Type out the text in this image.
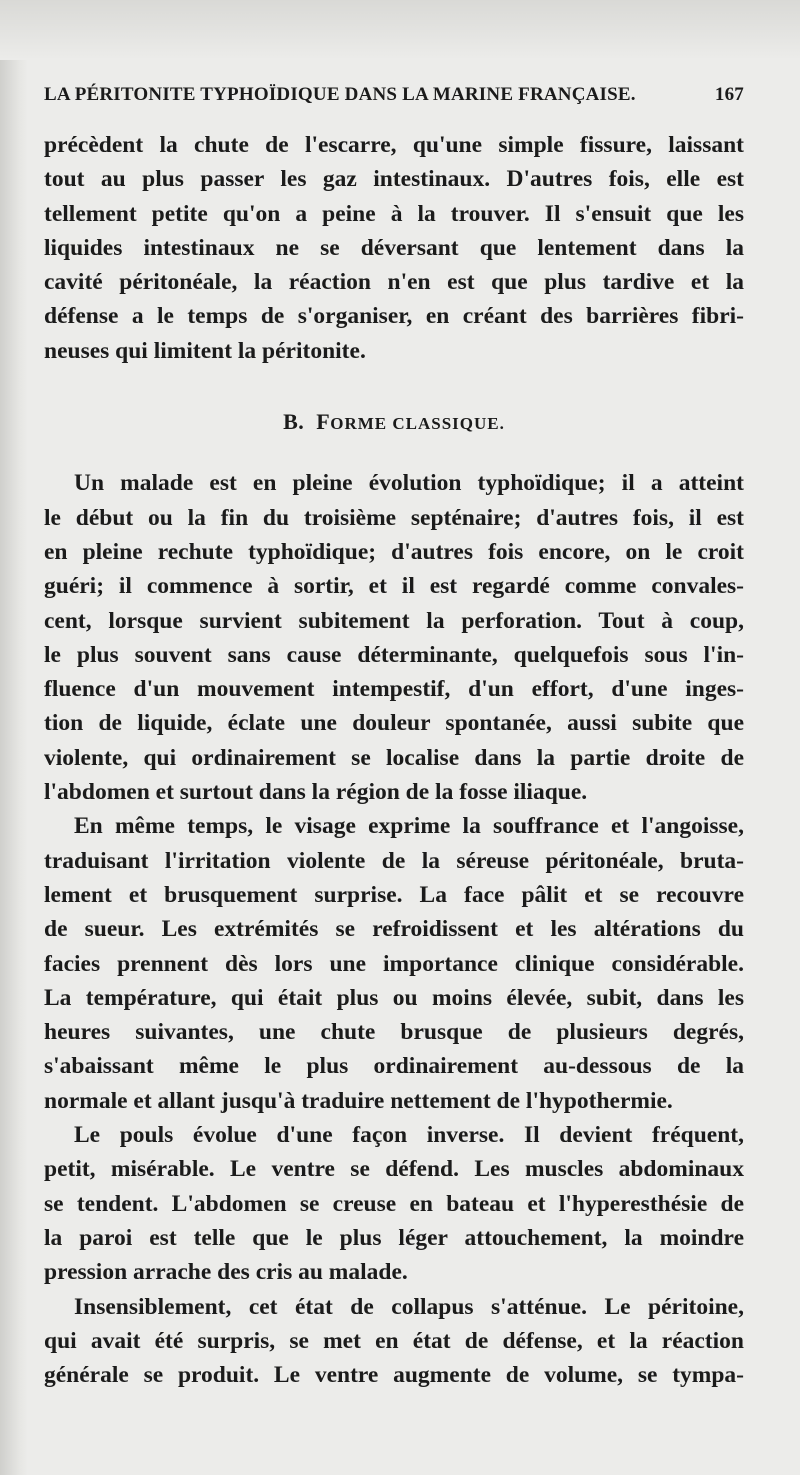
LA PÉRITONITE TYPHOÏDIQUE DANS LA MARINE FRANÇAISE.	167
précèdent la chute de l'escarre, qu'une simple fissure, laissant
tout au plus passer les gaz intestinaux. D'autres fois, elle est
tellement petite qu'on a peine à la trouver. Il s'ensuit que les
liquides intestinaux ne se déversant que lentement dans la
cavité péritonéale, la réaction n'en est que plus tardive et la
défense a le temps de s'organiser, en créant des barrières fibri-
neuses qui limitent la péritonite.
B. FORME CLASSIQUE.
Un malade est en pleine évolution typhoïdique; il a atteint
le début ou la fin du troisième septénaire; d'autres fois, il est
en pleine rechute typhoïdique; d'autres fois encore, on le croit
guéri; il commence à sortir, et il est regardé comme convales-
cent, lorsque survient subitement la perforation. Tout à coup,
le plus souvent sans cause déterminante, quelquefois sous l'in-
fluence d'un mouvement intempestif, d'un effort, d'une inges-
tion de liquide, éclate une douleur spontanée, aussi subite que
violente, qui ordinairement se localise dans la partie droite de
l'abdomen et surtout dans la région de la fosse iliaque.
En même temps, le visage exprime la souffrance et l'angoisse,
traduisant l'irritation violente de la séreuse péritonéale, bruta-
lement et brusquement surprise. La face pâlit et se recouvre
de sueur. Les extrémités se refroidissent et les altérations du
facies prennent dès lors une importance clinique considérable.
La température, qui était plus ou moins élevée, subit, dans les
heures suivantes, une chute brusque de plusieurs degrés,
s'abaissant même le plus ordinairement au-dessous de la
normale et allant jusqu'à traduire nettement de l'hypothermie.
Le pouls évolue d'une façon inverse. Il devient fréquent,
petit, misérable. Le ventre se défend. Les muscles abdominaux
se tendent. L'abdomen se creuse en bateau et l'hyperesthésie de
la paroi est telle que le plus léger attouchement, la moindre
pression arrache des cris au malade.
Insensiblement, cet état de collapus s'atténue. Le péritoine,
qui avait été surpris, se met en état de défense, et la réaction
générale se produit. Le ventre augmente de volume, se tympa-
